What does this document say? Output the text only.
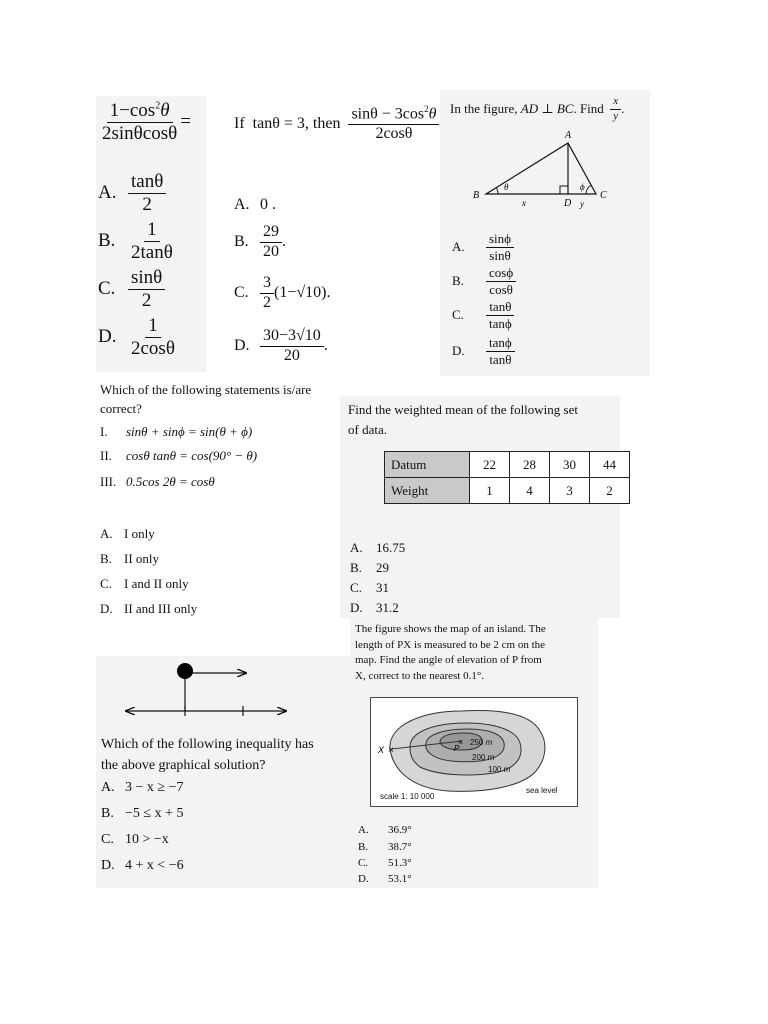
$\frac{1-\cos^2\theta}{2\sin\theta\cos\theta}$ =
A. $\frac{\tan\theta}{2}$
B. $\frac{1}{2\tan\theta}$
C. $\frac{\sin\theta}{2}$
D. $\frac{1}{2\cos\theta}$
If
tanθ = 3 , then
$\frac{\sin\theta - 3\cos^2\theta}{2\cos\theta}$
A. 0 .
B. $\frac{29}{20}$ .
C. $\frac{3}{2} (1-√10)$.
D. $\frac{30-3√10}{20}$ .
In the figure,
AD ⊥ BC . Find
$\frac{x}{y}$ .
A
B	C
D
x	y
θ	ϕ
A.	$\frac{\sin\phi}{\sin\theta}$
B.	$\frac{\cos\phi}{\cos\theta}$
C.	$\frac{\tan\theta}{\tan\phi}$
D.	$\frac{\tan\phi}{\tan\theta}$
Which of the following statements is/are
correct?
I. sinθ + sinϕ = sin(θ + ϕ)
II. cosθ tanθ = cos(90° − θ)
III. 0.5cos 2θ = cosθ
A. I only
B. II only
C. I and II only
D. II and III only
Find the weighted mean of the following set
of data.
Datum	22	28	30	44
Weight	1	4	3	2
A. 16.75
B. 29
C. 31
D. 31.2
Which of the following inequality has
the above graphical solution?
A. 3 − x ≥ −7
B. −5 ≤ x + 5
C. 10 > −x
D. 4 + x < −6
The figure shows the map of an island. The
length of PX is measured to be 2 cm on the
map. Find the angle of elevation of P from
X, correct to the nearest 0.1°.
×
×
X	P
250 m
200 m
100 m
scale 1: 10 000
sea level
A. 36.9°
B. 38.7°
C. 51.3°
D. 53.1°
